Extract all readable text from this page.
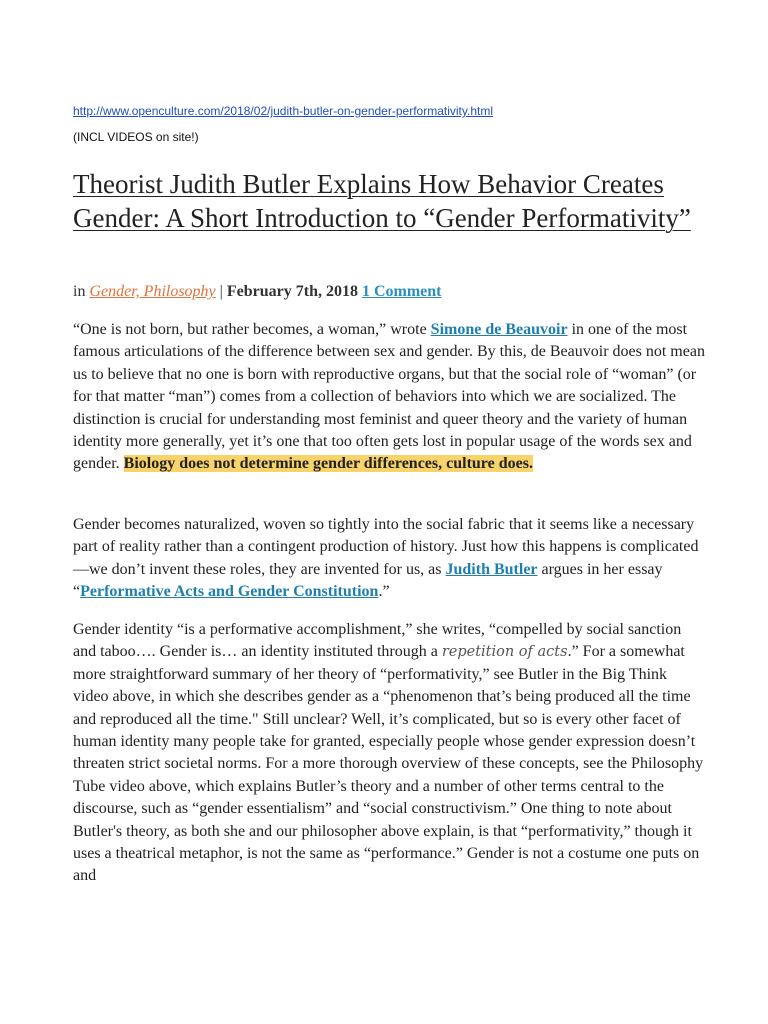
http://www.openculture.com/2018/02/judith-butler-on-gender-performativity.html
(INCL VIDEOS on site!)
Theorist Judith Butler Explains How Behavior Creates Gender: A Short Introduction to “Gender Performativity”
in Gender, Philosophy | February 7th, 2018 1 Comment

“One is not born, but rather becomes, a woman,” wrote Simone de Beauvoir in one of the most famous articulations of the difference between sex and gender. By this, de Beauvoir does not mean us to believe that no one is born with reproductive organs, but that the social role of “woman” (or for that matter “man”) comes from a collection of behaviors into which we are socialized. The distinction is crucial for understanding most feminist and queer theory and the variety of human identity more generally, yet it’s one that too often gets lost in popular usage of the words sex and gender. Biology does not determine gender differences, culture does.

Gender becomes naturalized, woven so tightly into the social fabric that it seems like a necessary part of reality rather than a contingent production of history. Just how this happens is complicated—we don’t invent these roles, they are invented for us, as Judith Butler argues in her essay “Performative Acts and Gender Constitution.”

Gender identity “is a performative accomplishment,” she writes, “compelled by social sanction and taboo…. Gender is… an identity instituted through a repetition of acts.” For a somewhat more straightforward summary of her theory of “performativity,” see Butler in the Big Think video above, in which she describes gender as a “phenomenon that’s being produced all the time and reproduced all the time." Still unclear? Well, it’s complicated, but so is every other facet of human identity many people take for granted, especially people whose gender expression doesn’t threaten strict societal norms. For a more thorough overview of these concepts, see the Philosophy Tube video above, which explains Butler’s theory and a number of other terms central to the discourse, such as “gender essentialism” and “social constructivism.” One thing to note about Butler's theory, as both she and our philosopher above explain, is that “performativity,” though it uses a theatrical metaphor, is not the same as “performance.” Gender is not a costume one puts on and
